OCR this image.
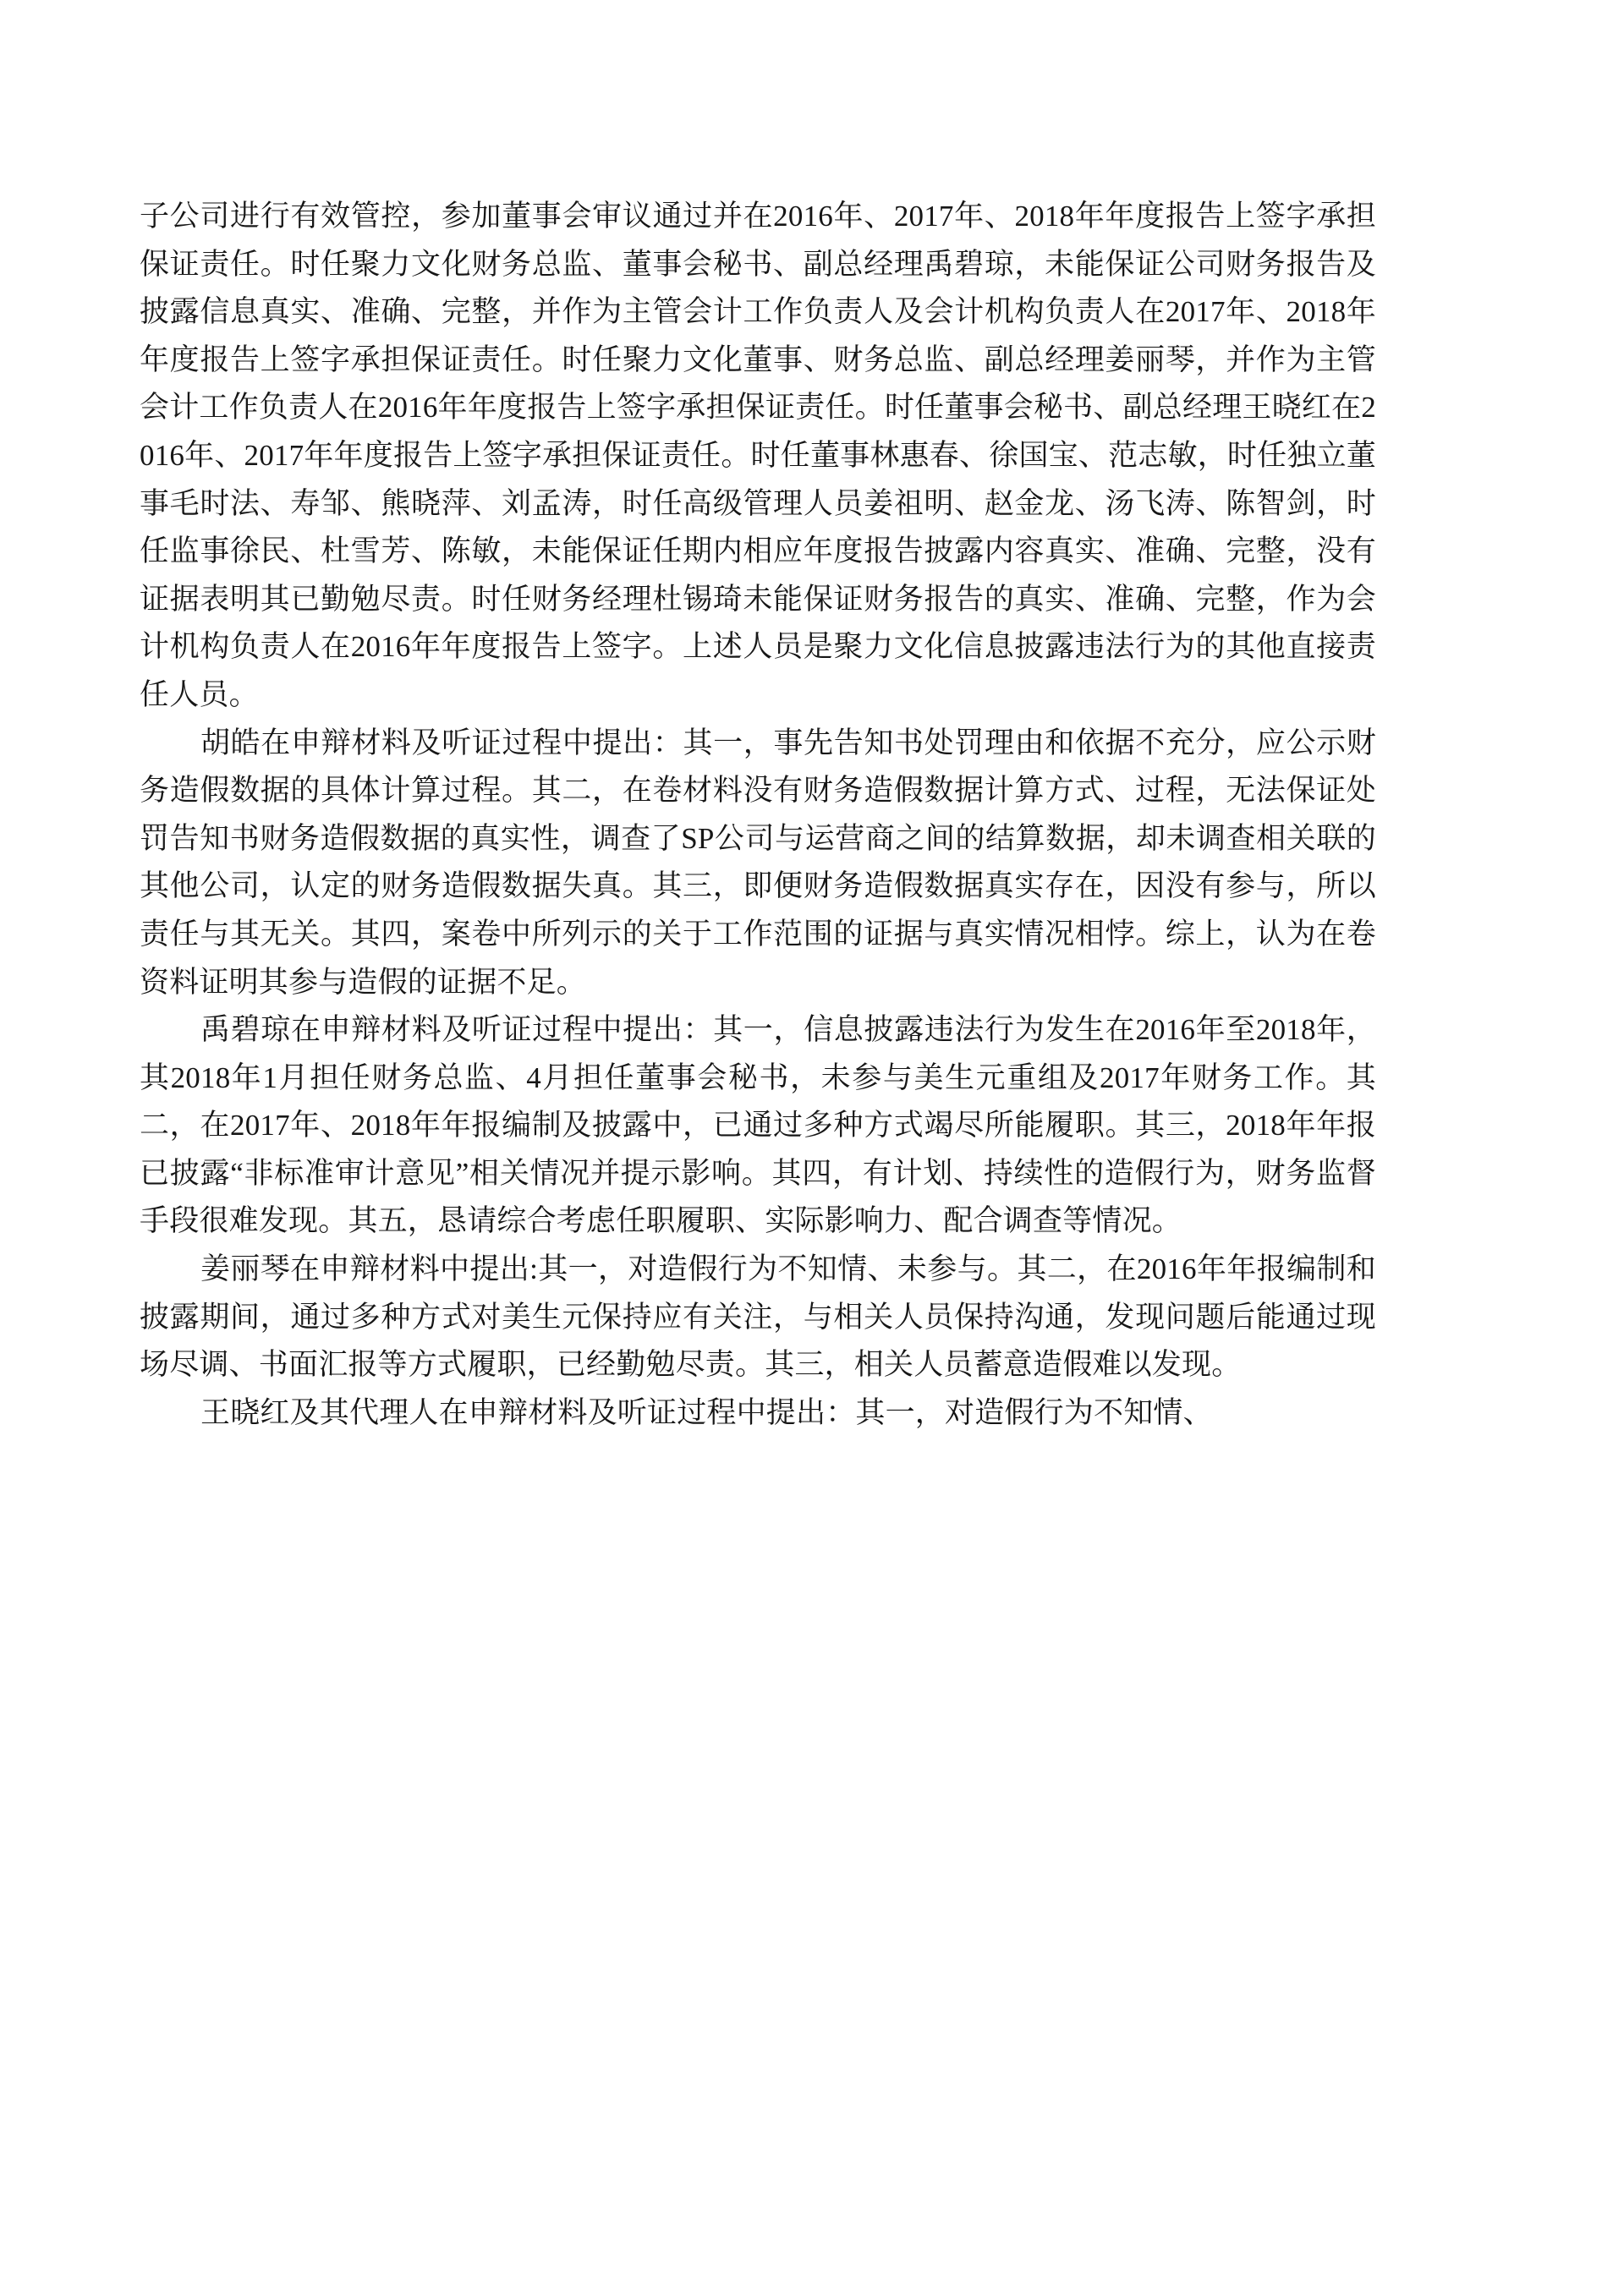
子公司进行有效管控，参加董事会审议通过并在2016年、2017年、2018年年度报告上签字承担保证责任。时任聚力文化财务总监、董事会秘书、副总经理禹碧琼，未能保证公司财务报告及披露信息真实、准确、完整，并作为主管会计工作负责人及会计机构负责人在2017年、2018年年度报告上签字承担保证责任。时任聚力文化董事、财务总监、副总经理姜丽琴，并作为主管会计工作负责人在2016年年度报告上签字承担保证责任。时任董事会秘书、副总经理王晓红在2016年、2017年年度报告上签字承担保证责任。时任董事林惠春、徐国宝、范志敏，时任独立董事毛时法、寿邹、熊晓萍、刘孟涛，时任高级管理人员姜祖明、赵金龙、汤飞涛、陈智剑，时任监事徐民、杜雪芳、陈敏，未能保证任期内相应年度报告披露内容真实、准确、完整，没有证据表明其已勤勉尽责。时任财务经理杜锡琦未能保证财务报告的真实、准确、完整，作为会计机构负责人在2016年年度报告上签字。上述人员是聚力文化信息披露违法行为的其他直接责任人员。

胡皓在申辩材料及听证过程中提出：其一，事先告知书处罚理由和依据不充分，应公示财务造假数据的具体计算过程。其二，在卷材料没有财务造假数据计算方式、过程，无法保证处罚告知书财务造假数据的真实性，调查了SP公司与运营商之间的结算数据，却未调查相关联的其他公司，认定的财务造假数据失真。其三，即便财务造假数据真实存在，因没有参与，所以责任与其无关。其四，案卷中所列示的关于工作范围的证据与真实情况相悖。综上，认为在卷资料证明其参与造假的证据不足。

禹碧琼在申辩材料及听证过程中提出：其一，信息披露违法行为发生在2016年至2018年，其2018年1月担任财务总监、4月担任董事会秘书，未参与美生元重组及2017年财务工作。其二，在2017年、2018年年报编制及披露中，已通过多种方式竭尽所能履职。其三，2018年年报已披露“非标准审计意见”相关情况并提示影响。其四，有计划、持续性的造假行为，财务监督手段很难发现。其五，恳请综合考虑任职履职、实际影响力、配合调查等情况。

姜丽琴在申辩材料中提出:其一，对造假行为不知情、未参与。其二，在2016年年报编制和披露期间，通过多种方式对美生元保持应有关注，与相关人员保持沟通，发现问题后能通过现场尽调、书面汇报等方式履职，已经勤勉尽责。其三，相关人员蓄意造假难以发现。

王晓红及其代理人在申辩材料及听证过程中提出：其一，对造假行为不知情、
